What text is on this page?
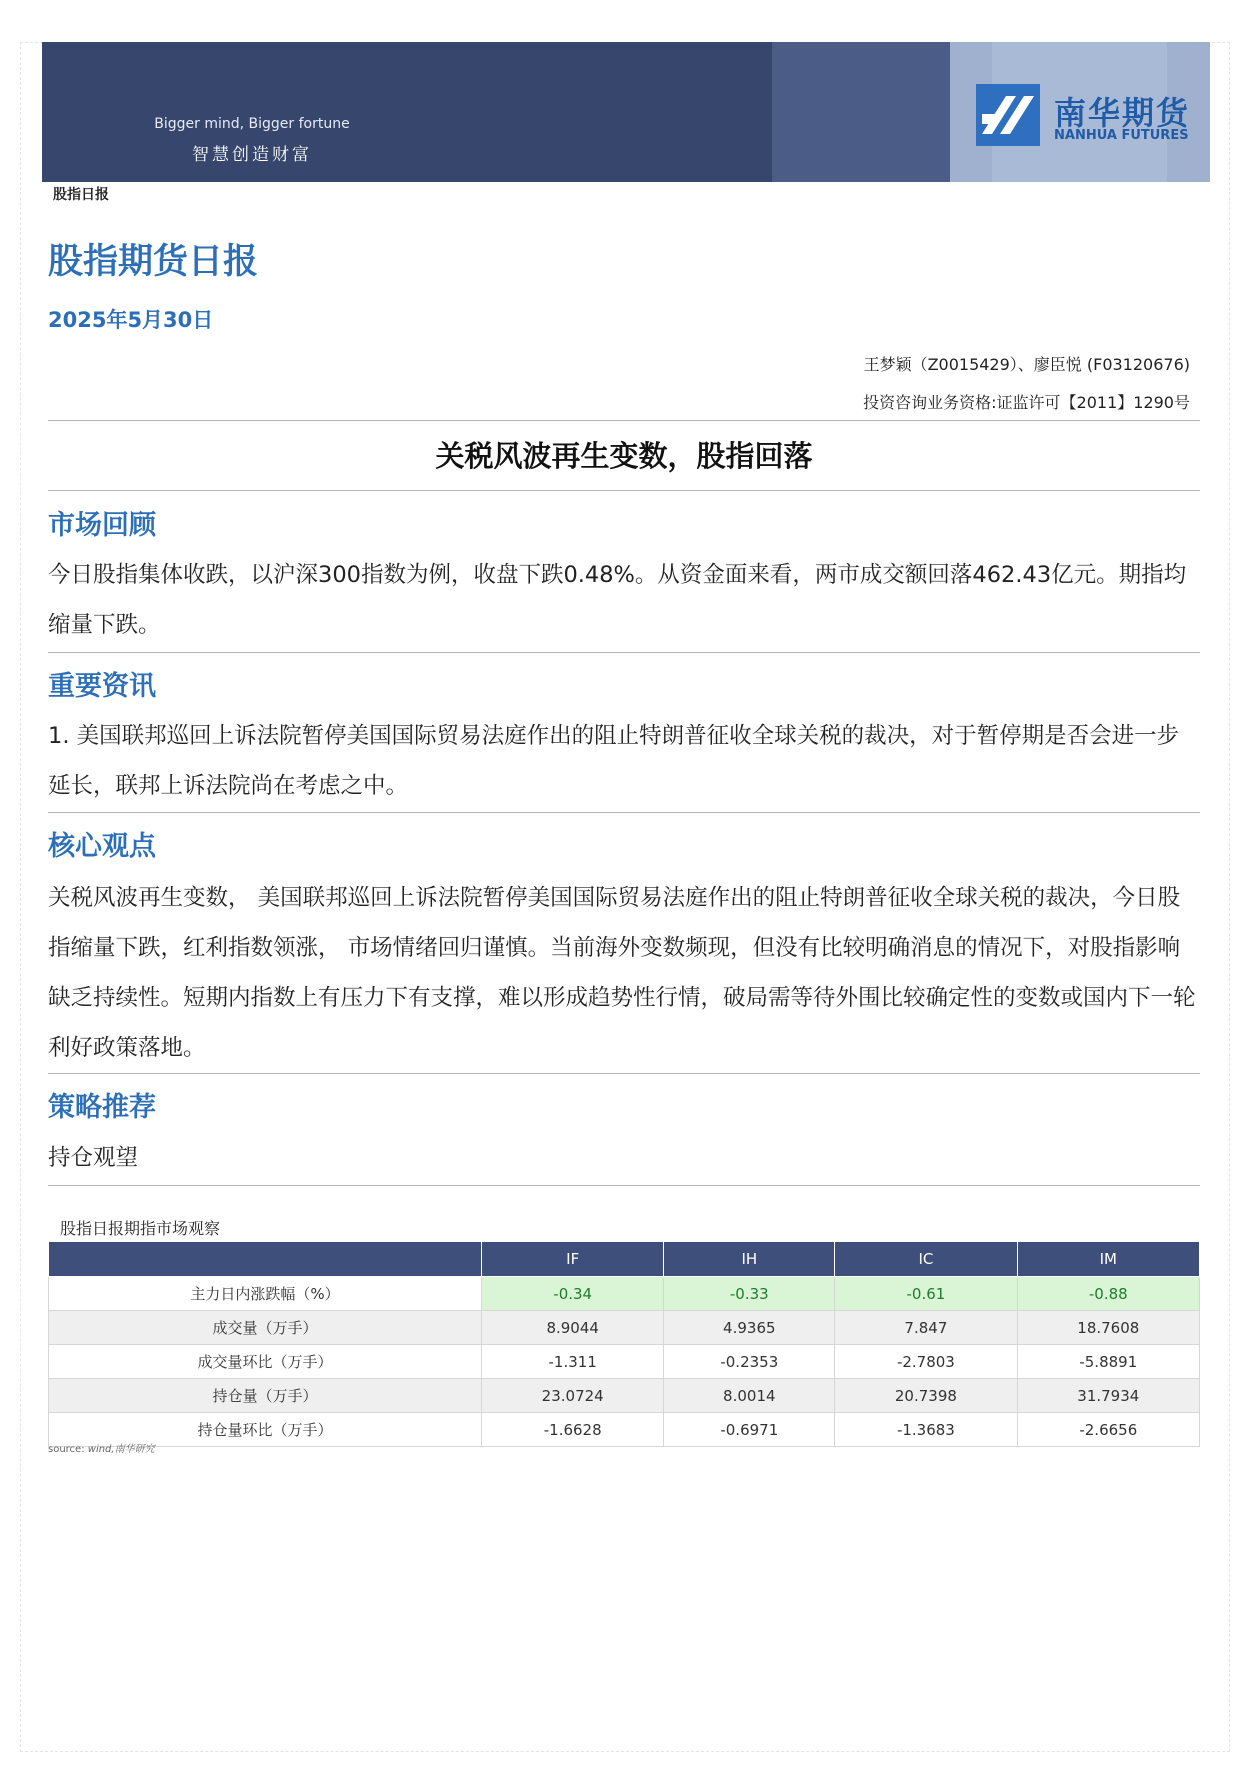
Bigger mind, Bigger fortune
智慧创造财富
南华期货
NANHUA FUTURES
股指日报
股指期货日报
2025年5月30日
王梦颖（Z0015429）、廖臣悦 (F03120676)
投资咨询业务资格:证监许可【2011】1290号
关税风波再生变数，股指回落
市场回顾

今日股指集体收跌，以沪深300指数为例，收盘下跌0.48%。从资金面来看，两市成交额回落462.43亿元。期指均缩量下跌。

重要资讯

1. 美国联邦巡回上诉法院暂停美国国际贸易法庭作出的阻止特朗普征收全球关税的裁决，对于暂停期是否会进一步延长，联邦上诉法院尚在考虑之中。

核心观点

关税风波再生变数， 美国联邦巡回上诉法院暂停美国国际贸易法庭作出的阻止特朗普征收全球关税的裁决，今日股指缩量下跌，红利指数领涨， 市场情绪回归谨慎。当前海外变数频现，但没有比较明确消息的情况下，对股指影响缺乏持续性。短期内指数上有压力下有支撑，难以形成趋势性行情，破局需等待外围比较确定性的变数或国内下一轮利好政策落地。

策略推荐

持仓观望

股指日报期指市场观察
	IF	IH	IC	IM
主力日内涨跌幅（%）	-0.34	-0.33	-0.61	-0.88
成交量（万手）	8.9044	4.9365	7.847	18.7608
成交量环比（万手）	-1.311	-0.2353	-2.7803	-5.8891
持仓量（万手）	23.0724	8.0014	20.7398	31.7934
持仓量环比（万手）	-1.6628	-0.6971	-1.3683	-2.6656
source: wind,南华研究
